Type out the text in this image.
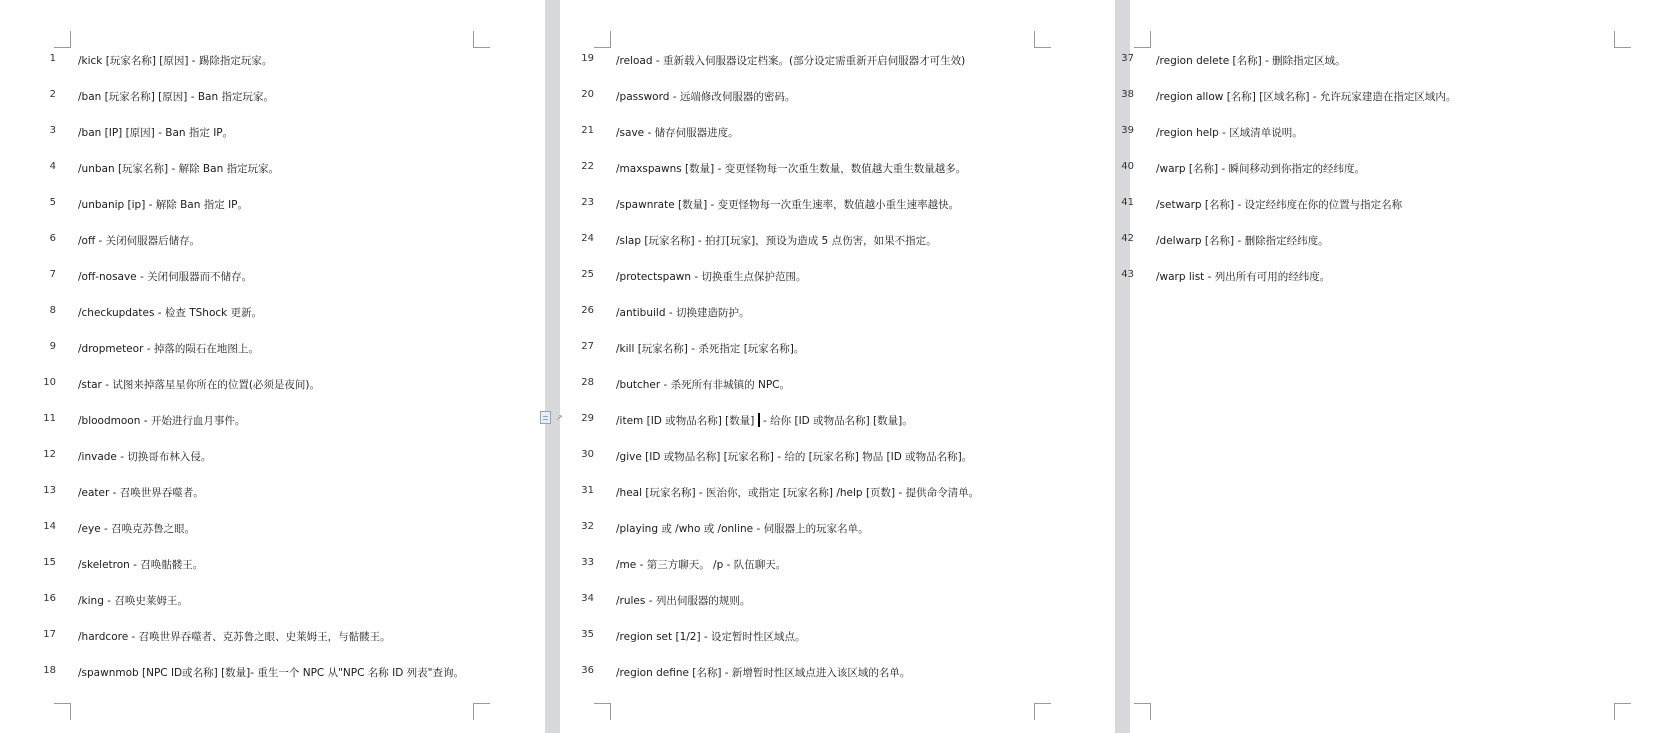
1 /kick [玩家名称] [原因] - 踢除指定玩家。
2 /ban [玩家名称] [原因] - Ban 指定玩家。
3 /ban [IP] [原因] - Ban 指定 IP。
4 /unban [玩家名称] - 解除 Ban 指定玩家。
5 /unbanip [ip] - 解除 Ban 指定 IP。
6 /off - 关闭伺服器后储存。
7 /off-nosave - 关闭伺服器而不储存。
8 /checkupdates - 检查 TShock 更新。
9 /dropmeteor - 掉落的陨石在地图上。
10 /star - 试图来掉落星星你所在的位置(必须是夜间)。
11 /bloodmoon - 开始进行血月事件。
12 /invade - 切换哥布林入侵。
13 /eater - 召唤世界吞噬者。
14 /eye - 召唤克苏鲁之眼。
15 /skeletron - 召唤骷髅王。
16 /king - 召唤史莱姆王。
17 /hardcore - 召唤世界吞噬者、克苏鲁之眼、史莱姆王，与骷髅王。
18 /spawnmob [NPC ID或名称] [数量]- 重生一个 NPC 从"NPC 名称 ID 列表"查询。
19 /reload - 重新载入伺服器设定档案。(部分设定需重新开启伺服器才可生效)
20 /password - 远端修改伺服器的密码。
21 /save - 储存伺服器进度。
22 /maxspawns [数量] - 变更怪物每一次重生数量，数值越大重生数量越多。
23 /spawnrate [数量] - 变更怪物每一次重生速率，数值越小重生速率越快。
24 /slap [玩家名称] - 拍打[玩家]，预设为造成 5 点伤害，如果不指定。
25 /protectspawn - 切换重生点保护范围。
26 /antibuild - 切换建造防护。
27 /kill [玩家名称] - 杀死指定 [玩家名称]。
28 /butcher - 杀死所有非城镇的 NPC。
↗ 29 /item [ID 或物品名称] [数量]  - 给你 [ID 或物品名称] [数量]。
30 /give [ID 或物品名称] [玩家名称] - 给的 [玩家名称] 物品 [ID 或物品名称]。
31 /heal [玩家名称] - 医治你，或指定 [玩家名称] /help [页数] - 提供命令清单。
32 /playing 或 /who 或 /online - 伺服器上的玩家名单。
33 /me - 第三方聊天。 /p - 队伍聊天。
34 /rules - 列出伺服器的规则。
35 /region set [1/2] - 设定暂时性区域点。
36 /region define [名称] - 新增暂时性区域点进入该区域的名单。
37 /region delete [名称] - 删除指定区域。
38 /region allow [名称] [区域名称] - 允许玩家建造在指定区域内。
39 /region help - 区域清单说明。
40 /warp [名称] - 瞬间移动到你指定的经纬度。
41 /setwarp [名称] - 设定经纬度在你的位置与指定名称
42 /delwarp [名称] - 删除指定经纬度。
43 /warp list - 列出所有可用的经纬度。
